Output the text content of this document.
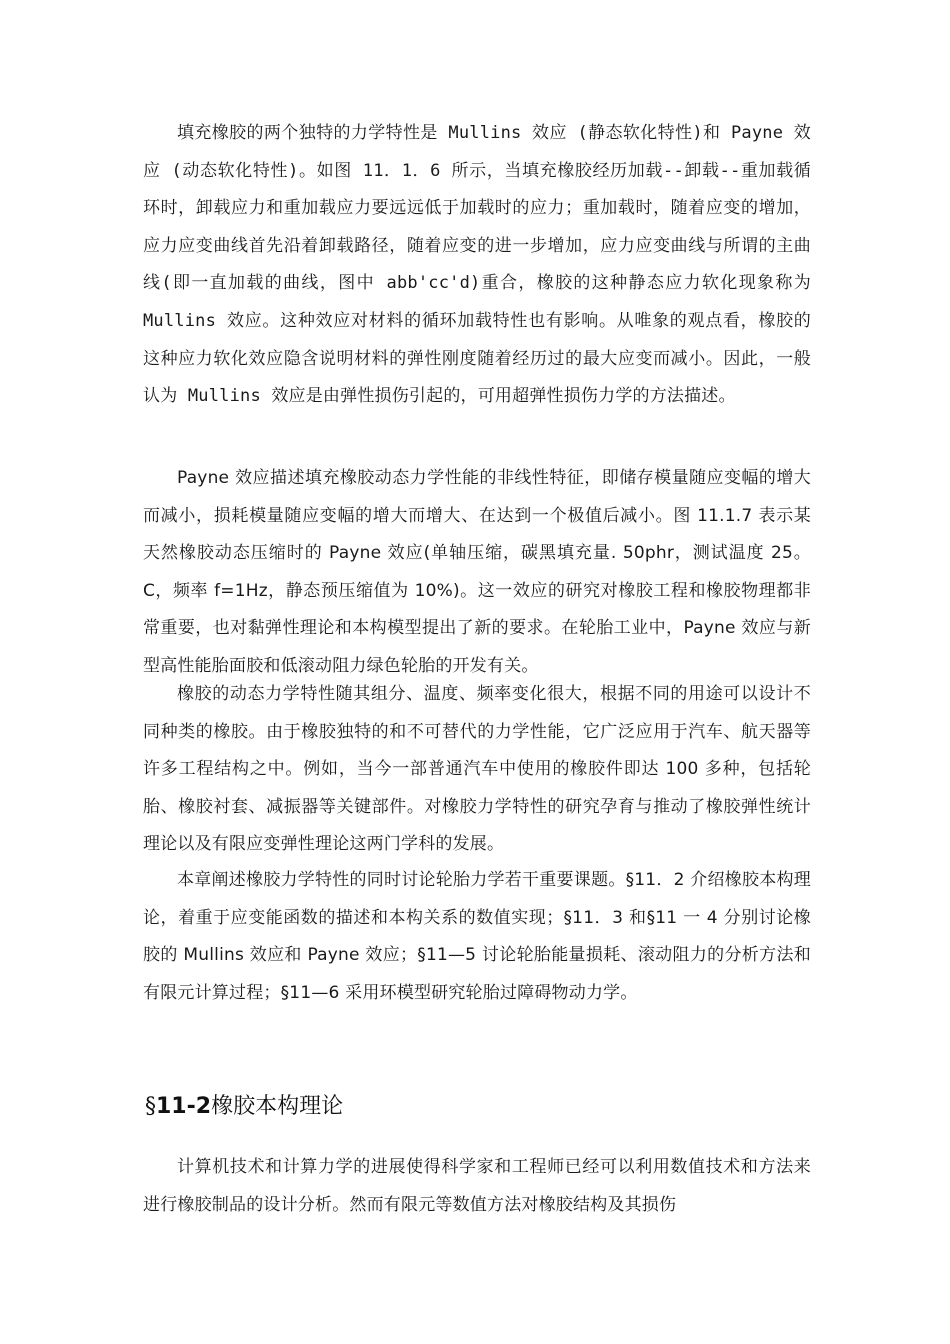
填充橡胶的两个独特的力学特性是 Mullins 效应 (静态软化特性)和 Payne 效应 (动态软化特性)。如图 11．1．6 所示，当填充橡胶经历加载--卸载--重加载循环时，卸载应力和重加载应力要远远低于加载时的应力；重加载时，随着应变的增加，应力应变曲线首先沿着卸载路径，随着应变的进一步增加，应力应变曲线与所谓的主曲线(即一直加载的曲线，图中 abb'cc'd)重合，橡胶的这种静态应力软化现象称为 Mullins 效应。这种效应对材料的循环加载特性也有影响。从唯象的观点看，橡胶的这种应力软化效应隐含说明材料的弹性刚度随着经历过的最大应变而减小。因此，一般认为 Mullins 效应是由弹性损伤引起的，可用超弹性损伤力学的方法描述。

Payne 效应描述填充橡胶动态力学性能的非线性特征，即储存模量随应变幅的增大而减小，损耗模量随应变幅的增大而增大、在达到一个极值后减小。图 11.1.7 表示某天然橡胶动态压缩时的 Payne 效应(单轴压缩，碳黑填充量. 50phr，测试温度 25。C，频率 f=1Hz，静态预压缩值为 10%)。这一效应的研究对橡胶工程和橡胶物理都非常重要，也对黏弹性理论和本构模型提出了新的要求。在轮胎工业中，Payne 效应与新型高性能胎面胶和低滚动阻力绿色轮胎的开发有关。

橡胶的动态力学特性随其组分、温度、频率变化很大，根据不同的用途可以设计不同种类的橡胶。由于橡胶独特的和不可替代的力学性能，它广泛应用于汽车、航天器等许多工程结构之中。例如，当今一部普通汽车中使用的橡胶件即达 100 多种，包括轮胎、橡胶衬套、减振器等关键部件。对橡胶力学特性的研究孕育与推动了橡胶弹性统计理论以及有限应变弹性理论这两门学科的发展。

本章阐述橡胶力学特性的同时讨论轮胎力学若干重要课题。§11．2 介绍橡胶本构理论，着重于应变能函数的描述和本构关系的数值实现；§11．3 和§11 一 4 分别讨论橡胶的 Mullins 效应和 Payne 效应；§11—5 讨论轮胎能量损耗、滚动阻力的分析方法和有限元计算过程；§11—6 采用环模型研究轮胎过障碍物动力学。

§11-2橡胶本构理论

计算机技术和计算力学的进展使得科学家和工程师已经可以利用数值技术和方法来进行橡胶制品的设计分析。然而有限元等数值方法对橡胶结构及其损伤
